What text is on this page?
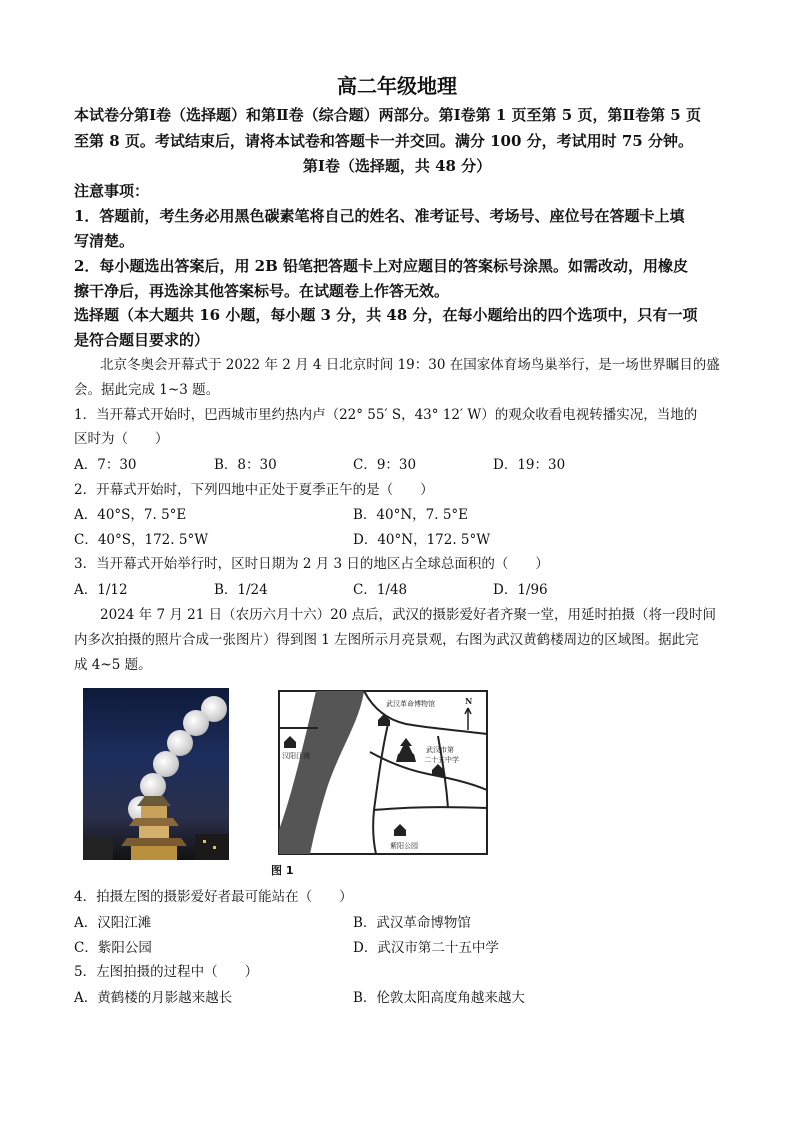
高二年级地理
本试卷分第Ⅰ卷（选择题）和第Ⅱ卷（综合题）两部分。第Ⅰ卷第 1 页至第 5 页，第Ⅱ卷第 5 页
至第 8 页。考试结束后，请将本试卷和答题卡一并交回。满分 100 分，考试用时 75 分钟。
第Ⅰ卷（选择题，共 48 分）
注意事项：
1．答题前，考生务必用黑色碳素笔将自己的姓名、准考证号、考场号、座位号在答题卡上填
写清楚。
2．每小题选出答案后，用 2B 铅笔把答题卡上对应题目的答案标号涂黑。如需改动，用橡皮
擦干净后，再选涂其他答案标号。在试题卷上作答无效。
选择题（本大题共 16 小题，每小题 3 分，共 48 分，在每小题给出的四个选项中，只有一项
是符合题目要求的）
北京冬奥会开幕式于 2022 年 2 月 4 日北京时间 19：30 在国家体育场鸟巢举行，是一场世界瞩目的盛
会。据此完成 1~3 题。
1．当开幕式开始时，巴西城市里约热内卢（22° 55′ S，43° 12′ W）的观众收看电视转播实况，当地的
区时为（　　）
A．7：30	B．8：30	C．9：30	D．19：30
2．开幕式开始时，下列四地中正处于夏季正午的是（　　）
A．40°S，7. 5°E	B．40°N，7. 5°E
C．40°S，172. 5°W	D．40°N，172. 5°W
3．当开幕式开始举行时，区时日期为 2 月 3 日的地区占全球总面积的（　　）
A．1/12	B．1/24	C．1/48	D．1/96
2024 年 7 月 21 日（农历六月十六）20 点后，武汉的摄影爱好者齐聚一堂，用延时拍摄（将一段时间
内多次拍摄的照片合成一张图片）得到图 1 左图所示月亮景观，右图为武汉黄鹤楼周边的区域图。据此完
成 4~5 题。
武汉革命博物馆
汉阳江滩
武汉市第
二十五中学
紫阳公园
N
图 1
4．拍摄左图的摄影爱好者最可能站在（　　）
A．汉阳江滩	B．武汉革命博物馆
C．紫阳公园	D．武汉市第二十五中学
5．左图拍摄的过程中（　　）
A．黄鹤楼的月影越来越长	B．伦敦太阳高度角越来越大
